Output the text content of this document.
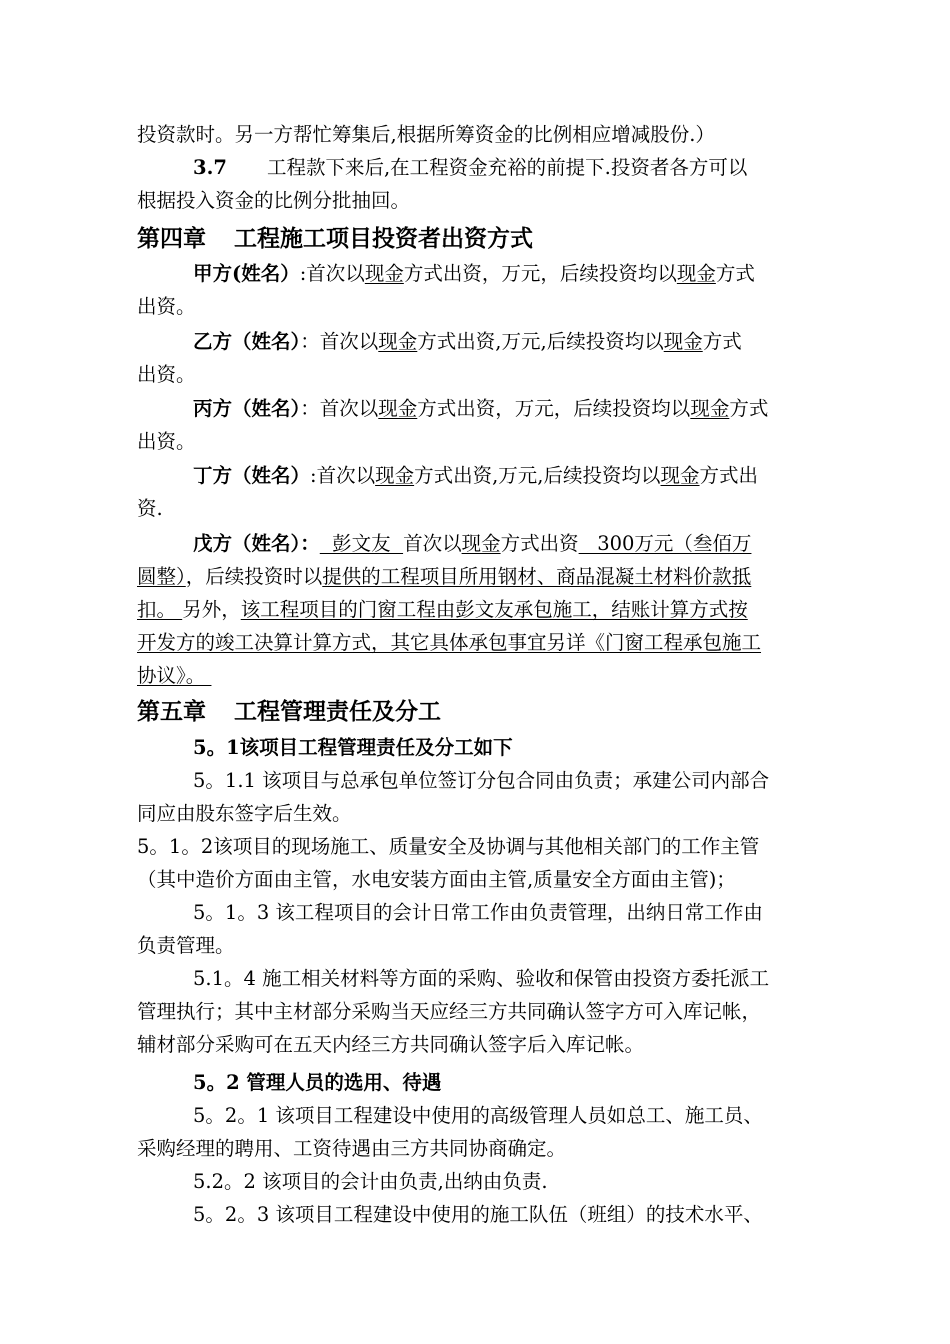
投资款时。另一方帮忙筹集后,根据所筹资金的比例相应增减股份.）
3.7 工程款下来后,在工程资金充裕的前提下.投资者各方可以
根据投入资金的比例分批抽回。
第四章 工程施工项目投资者出资方式
甲方(姓名）:首次以现金方式出资，万元，后续投资均以现金方式
出资。
乙方（姓名）：首次以现金方式出资,万元,后续投资均以现金方式
出资。
丙方（姓名）：首次以现金方式出资，万元，后续投资均以现金方式
出资。
丁方（姓名）:首次以现金方式出资,万元,后续投资均以现金方式出
资.
戊方（姓名）：  彭文友  首次以现金方式出资   300万元（叁佰万
圆整），后续投资时以提供的工程项目所用钢材、商品混凝土材料价款抵
扣。 另外，该工程项目的门窗工程由彭文友承包施工，结账计算方式按
开发方的竣工决算计算方式，其它具体承包事宜另详《门窗工程承包施工
协议》。
第五章 工程管理责任及分工
5。1该项目工程管理责任及分工如下
5。1.1 该项目与总承包单位签订分包合同由负责；承建公司内部合
同应由股东签字后生效。
5。1。2该项目的现场施工、质量安全及协调与其他相关部门的工作主管
（其中造价方面由主管，水电安装方面由主管,质量安全方面由主管)；
5。1。3 该工程项目的会计日常工作由负责管理，出纳日常工作由
负责管理。
5.1。4 施工相关材料等方面的采购、验收和保管由投资方委托派工
管理执行；其中主材部分采购当天应经三方共同确认签字方可入库记帐，
辅材部分采购可在五天内经三方共同确认签字后入库记帐。
5。2 管理人员的选用、待遇
5。2。1 该项目工程建设中使用的高级管理人员如总工、施工员、
采购经理的聘用、工资待遇由三方共同协商确定。
5.2。2 该项目的会计由负责,出纳由负责.
5。2。3 该项目工程建设中使用的施工队伍（班组）的技术水平、
